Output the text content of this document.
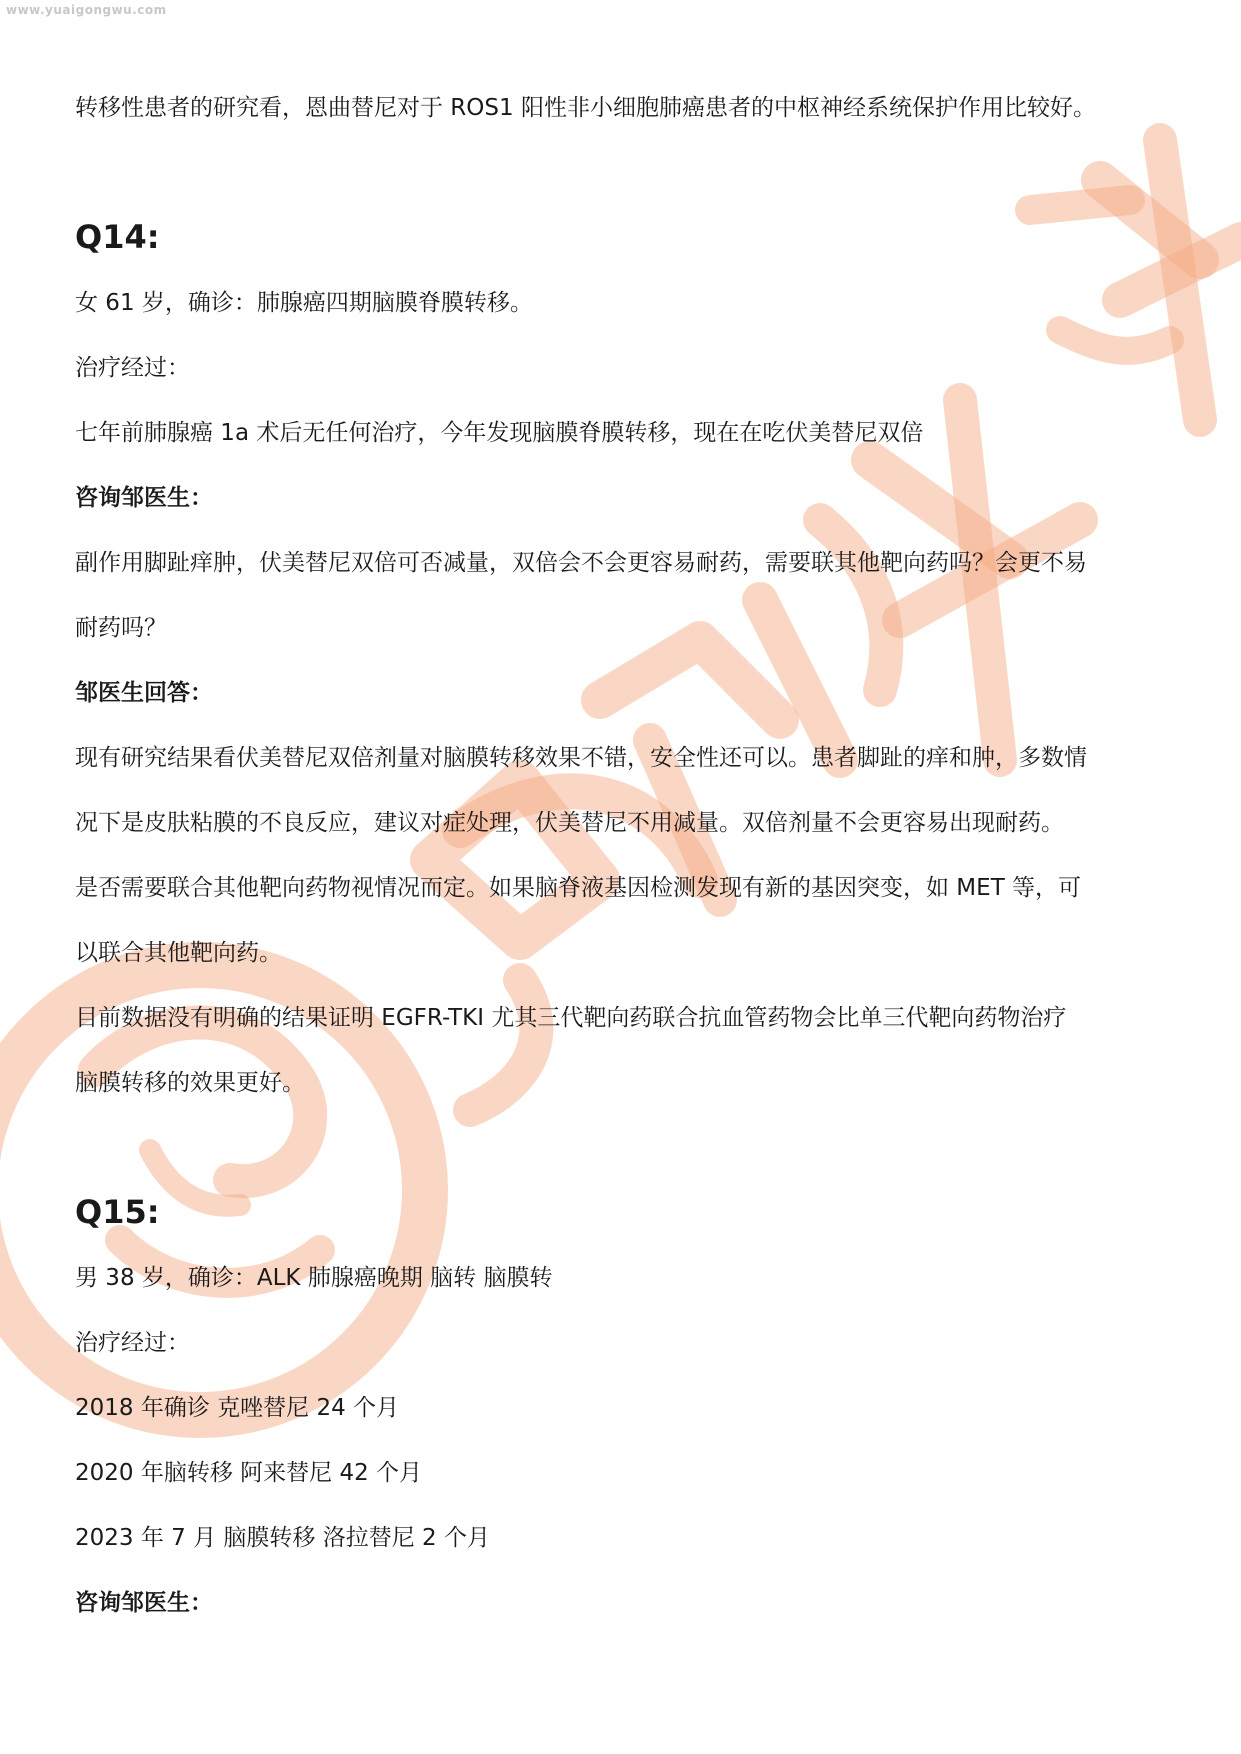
www.yuaigongwu.com
转移性患者的研究看，恩曲替尼对于 ROS1 阳性非小细胞肺癌患者的中枢神经系统保护作用比较好。
Q14:
女 61 岁，确诊：肺腺癌四期脑膜脊膜转移。
治疗经过：
七年前肺腺癌 1a 术后无任何治疗，今年发现脑膜脊膜转移，现在在吃伏美替尼双倍
咨询邹医生：
副作用脚趾痒肿，伏美替尼双倍可否减量，双倍会不会更容易耐药，需要联其他靶向药吗？会更不易
耐药吗？
邹医生回答：
现有研究结果看伏美替尼双倍剂量对脑膜转移效果不错，安全性还可以。患者脚趾的痒和肿，多数情
况下是皮肤粘膜的不良反应，建议对症处理，伏美替尼不用减量。双倍剂量不会更容易出现耐药。
是否需要联合其他靶向药物视情况而定。如果脑脊液基因检测发现有新的基因突变，如 MET 等，可
以联合其他靶向药。
目前数据没有明确的结果证明 EGFR-TKI 尤其三代靶向药联合抗血管药物会比单三代靶向药物治疗
脑膜转移的效果更好。
Q15:
男 38 岁，确诊：ALK 肺腺癌晚期 脑转 脑膜转
治疗经过：
2018 年确诊 克唑替尼 24 个月
2020 年脑转移 阿来替尼 42 个月
2023 年 7 月 脑膜转移 洛拉替尼 2 个月
咨询邹医生：
